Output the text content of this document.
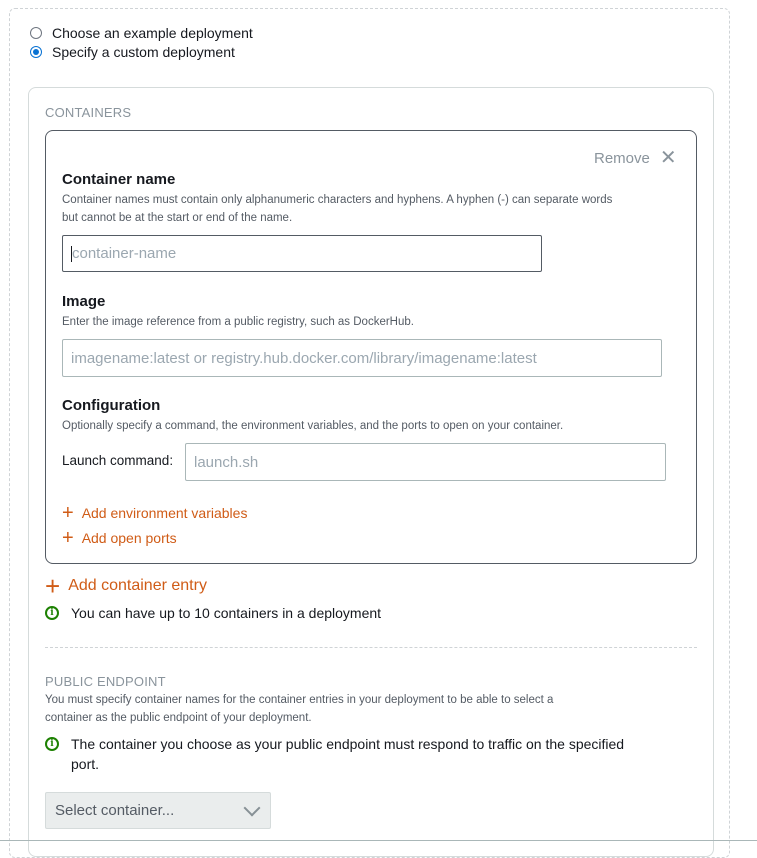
Choose an example deployment
Specify a custom deployment
CONTAINERS
Remove ✕
Container name
Container names must contain only alphanumeric characters and hyphens. A hyphen (-) can separate words
but cannot be at the start or end of the name.
container-name
Image
Enter the image reference from a public registry, such as DockerHub.
imagename:latest or registry.hub.docker.com/library/imagename:latest
Configuration
Optionally specify a command, the environment variables, and the ports to open on your container.
Launch command: launch.sh
+ Add environment variables
+ Add open ports
+ Add container entry
i	You can have up to 10 containers in a deployment
PUBLIC ENDPOINT
You must specify container names for the container entries in your deployment to be able to select a
container as the public endpoint of your deployment.
i	The container you choose as your public endpoint must respond to traffic on the specified
port.
Select container...
